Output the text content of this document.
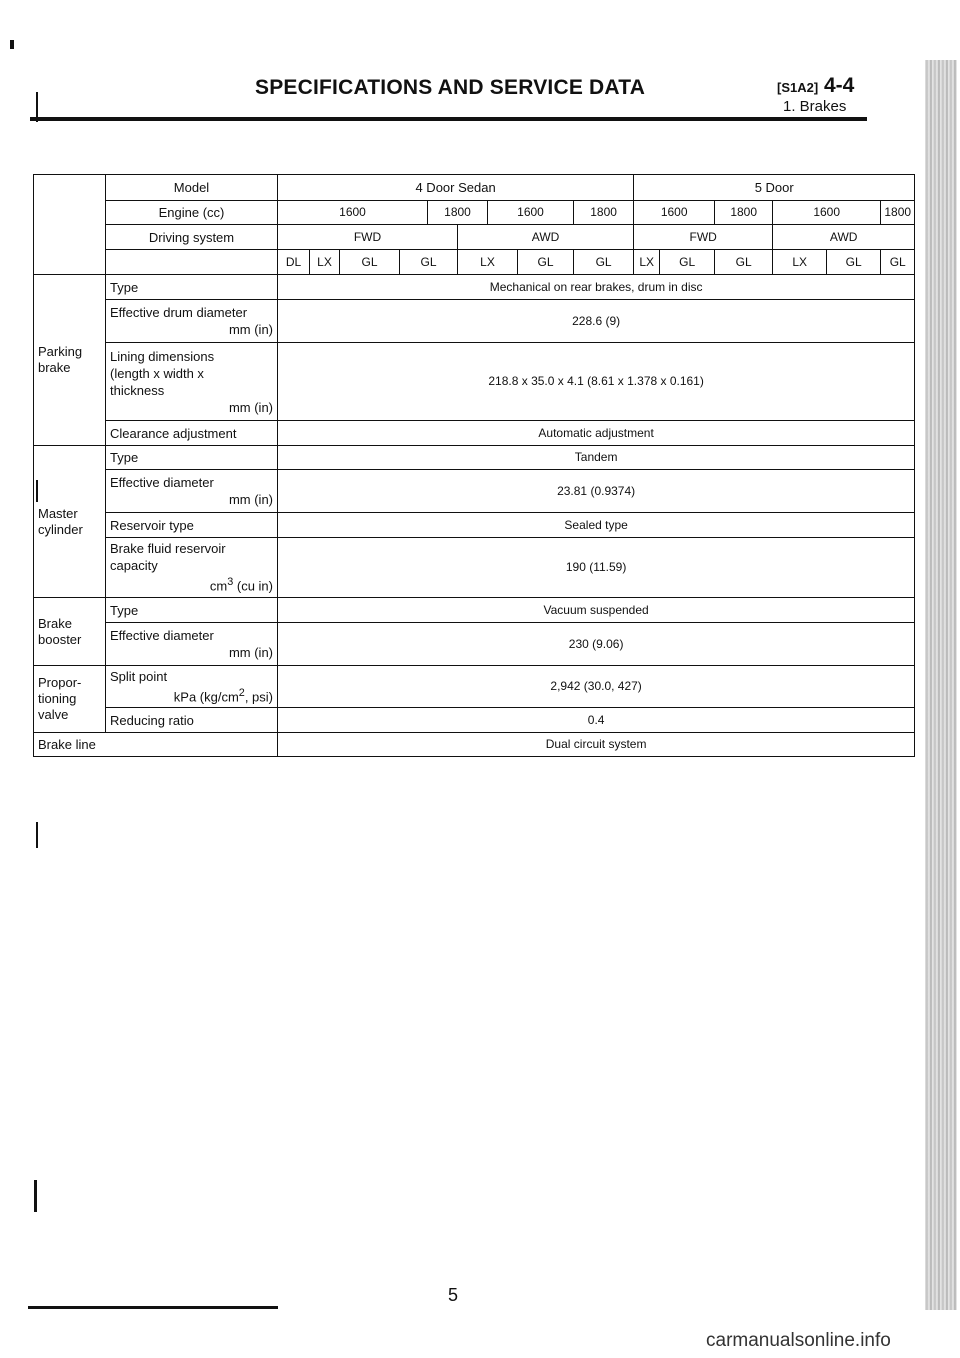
SPECIFICATIONS AND SERVICE DATA	[S1A2] 4-4
1. Brakes
	Model	4 Door Sedan									5 Door					
	Engine (cc)	1600				1800		1600		1800	1600		1800	1600		1800
	Driving system	FWD					AWD				FWD			AWD		
		DL	LX	GL	GL		LX		GL	GL	LX	GL	GL	LX	GL	GL
Parking
brake	Type	Mechanical on rear brakes, drum in disc														
	Effective drum diameter
mm (in)	228.6 (9)														
	Lining dimensions
(length x width x
thickness
mm (in)	218.8 x 35.0 x 4.1 (8.61 x 1.378 x 0.161)														
	Clearance adjustment	Automatic adjustment														
Master
cylinder	Type	Tandem														
	Effective diameter
mm (in)	23.81 (0.9374)														
	Reservoir type	Sealed type														
	Brake fluid reservoir
capacity
$cm^3$ (cu in)	190 (11.59)														
Brake
booster	Type	Vacuum suspended														
	Effective diameter
mm (in)	230 (9.06)														
Propor-
tioning
valve	Split point
kPa ($kg/cm^2$, psi)	2,942 (30.0, 427)														
	Reducing ratio	0.4														
Brake line		Dual circuit system														
5
carmanualsonline.info
